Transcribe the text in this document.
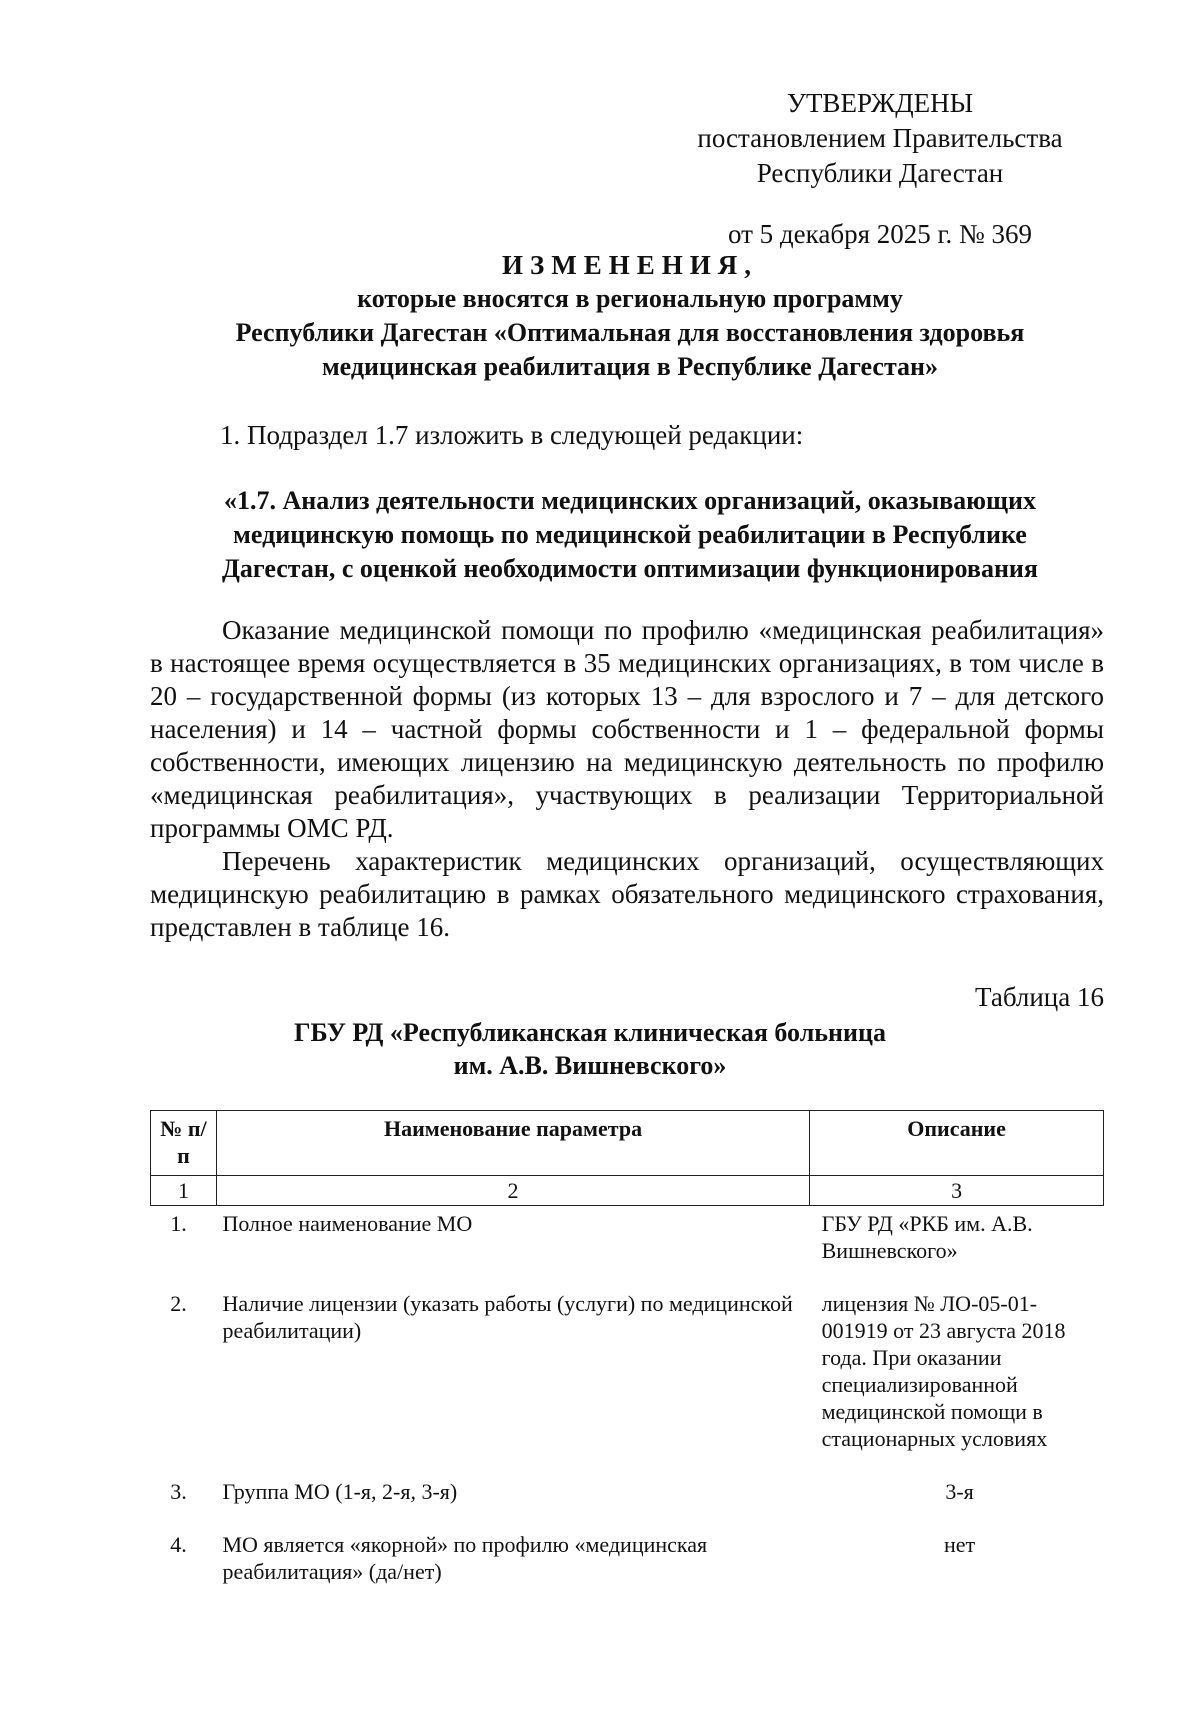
УТВЕРЖДЕНЫ
постановлением Правительства
Республики Дагестан
от 5 декабря 2025 г. № 369
ИЗМЕНЕНИЯ,
которые вносятся в региональную программу
Республики Дагестан «Оптимальная для восстановления здоровья
медицинская реабилитация в Республике Дагестан»
1. Подраздел 1.7 изложить в следующей редакции:
«1.7. Анализ деятельности медицинских организаций, оказывающих
медицинскую помощь по медицинской реабилитации в Республике
Дагестан, с оценкой необходимости оптимизации функционирования

Оказание медицинской помощи по профилю «медицинская реабилитация» в настоящее время осуществляется в 35 медицинских организациях, в том числе в 20 – государственной формы (из которых 13 – для взрослого и 7 – для детского населения) и 14 – частной формы собственности и 1 – федеральной формы собственности, имеющих лицензию на медицинскую деятельность по профилю «медицинская реабилитация», участвующих в реализации Территориальной программы ОМС РД.

Перечень характеристик медицинских организаций, осуществляющих медицинскую реабилитацию в рамках обязательного медицинского страхования, представлен в таблице 16.

Таблица 16
ГБУ РД «Республиканская клиническая больница
им. А.В. Вишневского»
№ п/п	Наименование параметра	Описание
1	2	3
1.	Полное наименование МО	ГБУ РД «РКБ им. А.В. Вишневского»
2.	Наличие лицензии (указать работы (услуги) по медицинской реабилитации)	лицензия № ЛО-05-01-001919 от 23 августа 2018 года. При оказании специализированной медицинской помощи в стационарных условиях
3.	Группа МО (1-я, 2-я, 3-я)	3-я
4.	МО является «якорной» по профилю «медицинская реабилитация» (да/нет)	нет
